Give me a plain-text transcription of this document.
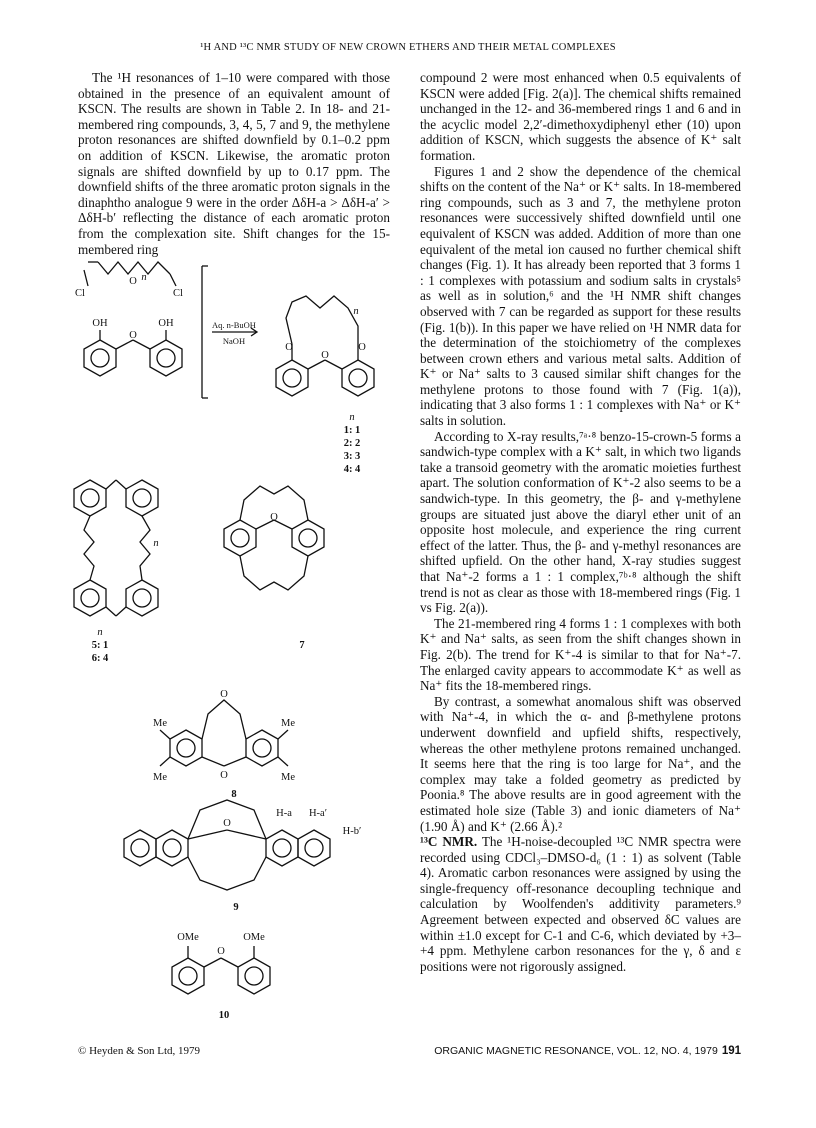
¹H AND ¹³C NMR STUDY OF NEW CROWN ETHERS AND THEIR METAL COMPLEXES

The ¹H resonances of 1–10 were compared with those obtained in the presence of an equivalent amount of KSCN. The results are shown in Table 2. In 18- and 21-membered ring compounds, 3, 4, 5, 7 and 9, the methylene proton resonances are shifted downfield by 0.1–0.2 ppm on addition of KSCN. Likewise, the aromatic proton signals are shifted downfield by up to 0.17 ppm. The downfield shifts of the three aromatic proton signals in the dinaphtho analogue 9 were in the order ΔδH-a > ΔδH-a′ > ΔδH-b′ reflecting the distance of each aromatic proton from the complexation site. Shift changes for the 15-membered ring

compound 2 were most enhanced when 0.5 equivalents of KSCN were added [Fig. 2(a)]. The chemical shifts remained unchanged in the 12- and 36-membered rings 1 and 6 and in the acyclic model 2,2′-dimethoxydiphenyl ether (10) upon addition of KSCN, which suggests the absence of K⁺ salt formation.

Figures 1 and 2 show the dependence of the chemical shifts on the content of the Na⁺ or K⁺ salts. In 18-membered ring compounds, such as 3 and 7, the methylene proton resonances were successively shifted downfield until one equivalent of KSCN was added. Addition of more than one equivalent of the metal ion caused no further chemical shift changes (Fig. 1). It has already been reported that 3 forms 1 : 1 complexes with potassium and sodium salts in crystals⁵ as well as in solution,⁶ and the ¹H NMR shift changes observed with 7 can be regarded as support for these results (Fig. 1(b)). In this paper we have relied on ¹H NMR data for the determination of the stoichiometry of the complexes between crown ethers and various metal salts. Addition of K⁺ or Na⁺ salts to 3 caused similar shift changes for the methylene protons to those found with 7 (Fig. 1(a)), indicating that 3 also forms 1 : 1 complexes with Na⁺ or K⁺ salts in solution.

According to X-ray results,⁷ᵃ·⁸ benzo-15-crown-5 forms a sandwich-type complex with a K⁺ salt, in which two ligands take a transoid geometry with the aromatic moieties furthest apart. The solution conformation of K⁺-2 also seems to be a sandwich-type. In this geometry, the β- and γ-methylene groups are situated just above the diaryl ether unit of an opposite host molecule, and experience the ring current effect of the latter. Thus, the β- and γ-methyl resonances are shifted upfield. On the other hand, X-ray studies suggest that Na⁺-2 forms a 1 : 1 complex,⁷ᵇ·⁸ although the shift trend is not as clear as those with 18-membered rings (Fig. 1 vs Fig. 2(a)).

The 21-membered ring 4 forms 1 : 1 complexes with both K⁺ and Na⁺ salts, as seen from the shift changes shown in Fig. 2(b). The trend for K⁺-4 is similar to that for Na⁺-7. The enlarged cavity appears to accommodate K⁺ as well as Na⁺ fits the 18-membered rings.

By contrast, a somewhat anomalous shift was observed with Na⁺-4, in which the α- and β-methylene protons underwent downfield and upfield shifts, respectively, whereas the other methylene protons remained unchanged. It seems here that the ring is too large for Na⁺, and the complex may take a folded geometry as predicted by Poonia.⁸ The above results are in good agreement with the estimated hole size (Table 3) and ionic diameters of Na⁺ (1.90 Å) and K⁺ (2.66 Å).²

¹³C NMR. The ¹H-noise-decoupled ¹³C NMR spectra were recorded using CDCl₃–DMSO-d₆ (1 : 1) as solvent (Table 4). Aromatic carbon resonances were assigned by using the single-frequency off-resonance decoupling technique and calculation by Woolfenden's additivity parameters.⁹ Agreement between expected and observed δC values are within ±1.0 except for C-1 and C-6, which deviated by +3–+4 ppm. Methylene carbon resonances for the γ, δ and ε positions were not rigorously assigned.

Cl	Cl
O n
OH	OH
O
Aq. n-BuOH
NaOH
O	O
O
n
n
1: 1
2: 2
3: 3
4: 4
n
n
5: 1
6: 4
O
7
Me	Me
Me	Me
O
O
8
H-a H-a′
H-b′
O
9
OMe	OMe
O
10
© Heyden & Son Ltd, 1979	ORGANIC MAGNETIC RESONANCE, VOL. 12, NO. 4, 1979 191
